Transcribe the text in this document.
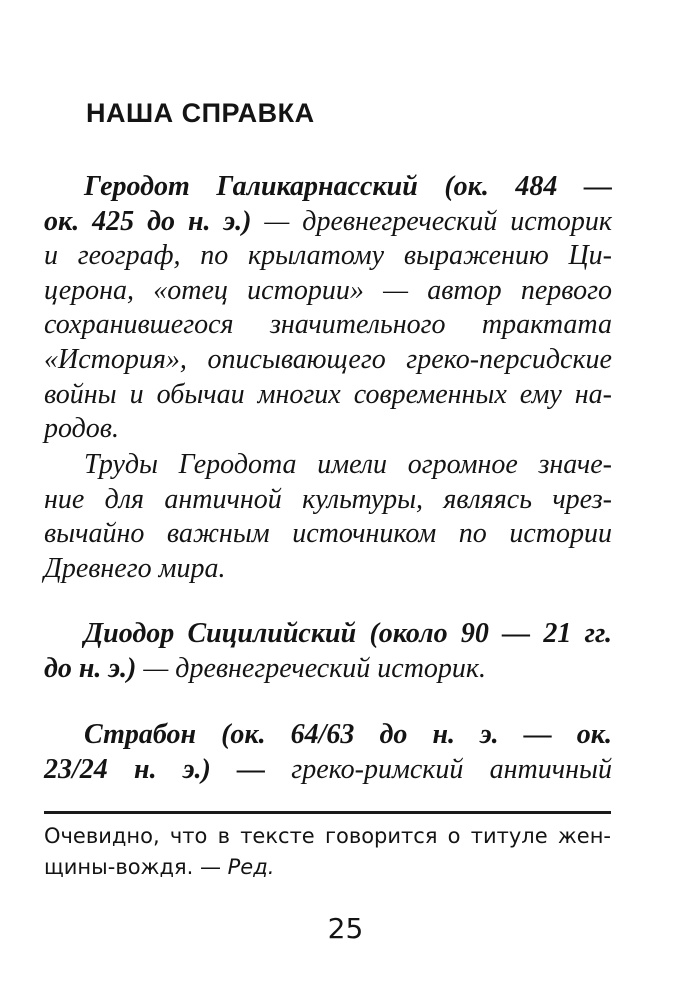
НАША СПРАВКА
Геродот Галикарнасский (ок. 484 —
ок. 425 до н. э.) — древнегреческий историк
и географ, по крылатому выражению Ци-
церона, «отец истории» — автор первого
сохранившегося значительного трактата
«История», описывающего греко-персидские
войны и обычаи многих современных ему на-
родов.
Труды Геродота имели огромное значе-
ние для античной культуры, являясь чрез-
вычайно важным источником по истории
Древнего мира.
Диодор Сицилийский (около 90 — 21 гг.
до н. э.) — древнегреческий историк.
Страбон (ок. 64/63 до н. э. — ок.
23/24 н. э.) — греко-римский античный
Очевидно, что в тексте говорится о титуле жен-
щины-вождя. — Ред.
25
